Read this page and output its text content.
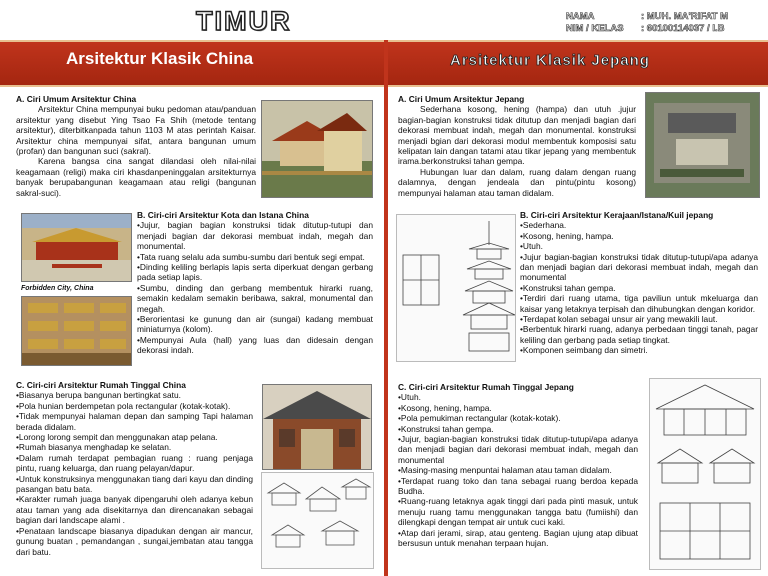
TIMUR	NAMA	: MUH. MA'RIFAT M
NIM / KELAS : 60100114037 / I.B
Arsitektur Klasik China	Arsitektur Klasik Jepang
A. Ciri Umum Arsitektur China

Arsitektur China mempunyai buku pedoman atau/panduan arsitektur yang disebut Ying Tsao Fa Shih (metode tentang arsitektur), diterbitkanpada tahun 1103 M atas perintah Kaisar. Arsitektur china mempunyai sifat, antara bangunan umum (profan) dan bangunan suci (sakral).

Karena bangsa cina sangat dilandasi oleh nilai-nilai keagamaan (religi) maka ciri khasdanpeninggalan arsitekturnya banyak berupabangunan keagamaan atau religi (bangunan sakral-suci).

Forbidden City, China
B. Ciri-ciri Arsitektur Kota dan Istana China

•Jujur, bagian bagian konstruksi tidak ditutup-tutupi dan menjadi bagian dar dekorasi membuat indah, megah dan monumental.

•Tata ruang selalu ada sumbu-sumbu dari bentuk segi empat.

•Dinding keliling berlapis lapis serta diperkuat dengan gerbang pada setiap lapis.

•Sumbu, dinding dan gerbang membentuk hirarki ruang, semakin kedalam semakin beribawa, sakral, monumental dan megah.

•Berorientasi ke gunung dan air (sungai) kadang membuat miniaturnya (kolom).

•Mempunyai Aula (hall) yang luas dan didesain dengan dekorasi indah.

C. Ciri-ciri Arsitektur Rumah Tinggal China

•Biasanya berupa bangunan bertingkat satu.

•Pola hunian berdempetan pola rectangular (kotak-kotak).

•Tidak mempunyai halaman depan dan samping Tapi halaman berada didalam.

•Lorong lorong sempit dan menggunakan atap pelana.

•Rumah biasanya menghadap ke selatan.

•Dalam rumah terdapat pembagian ruang : ruang penjaga pintu, ruang keluarga, dan ruang pelayan/dapur.

•Untuk konstruksinya menggunakan tiang dari kayu dan dinding pasangan batu bata.

•Karakter rumah juaga banyak dipengaruhi oleh adanya kebun atau taman yang ada disekitarnya dan direncanakan sebagai bagian dari landscape alami .

•Penataan landscape biasanya dipadukan dengan air mancur, gunung buatan , pemandangan , sungai,jembatan atau tangga dari batu.

A. Ciri Umum Arsitektur Jepang

Sederhana kosong, hening (hampa) dan utuh .jujur bagian-bagian konstruksi tidak ditutup dan menjadi bagian dari dekorasi membuat indah, megah dan monumental. konstruksi menjadi bgian dari dekorasi modul membentuk komposisi satu kelipatan lain dangan tatami atau tikar jepang yang membentuk irama.berkonstruksi tahan gempa.

Hubungan luar dan dalam, ruang dalam dengan ruang dalamnya, dengan jendeala dan pintu(pintu kosong) mempunyai halaman atau taman didalam.

B. Ciri-ciri Arsitektur Kerajaan/Istana/Kuil jepang

•Sederhana.

•Kosong, hening, hampa.

•Utuh.

•Jujur bagian-bagian konstruksi tidak ditutup-tutupi/apa adanya dan menjadi bagian dari dekorasi membuat indah, megah dan monumental

•Konstruksi tahan gempa.

•Terdiri dari ruang utama, tiga paviliun untuk mkeluarga dan kaisar yang letaknya terpisah dan dihubungkan dengan koridor.

•Terdapat kolan sebagai unsur air yang mewakili laut.

•Berbentuk hirarki ruang, adanya perbedaan tinggi tanah, pagar keliling dan gerbang pada setiap tingkat.

•Komponen seimbang dan simetri.

C. Ciri-ciri Arsitektur Rumah Tinggal Jepang

•Utuh.

•Kosong, hening, hampa.

•Pola pemukiman rectangular (kotak-kotak).

•Konstruksi tahan gempa.

•Jujur, bagian-bagian konstruksi tidak ditutup-tutupi/apa adanya dan menjadi bagian dari dekorasi membuat indah, megah dan monumental

•Masing-masing menpuntai halaman atau taman didalam.

•Terdapat ruang toko dan tana sebagai ruang berdoa kepada Budha.

•Ruang-ruang letaknya agak tinggi dari pada pinti masuk, untuk menuju ruang tamu menggunakan tangga batu (fumiishi) dan dilengkapi dengan tempat air untuk cuci kaki.

•Atap dari jerami, sirap, atau genteng. Bagian ujung atap dibuat bersusun untuk menahan terpaan hujan.
